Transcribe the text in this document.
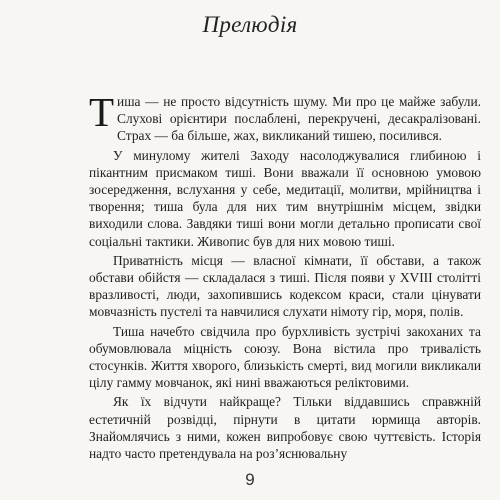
Прелюдія

Тиша — не просто відсутність шуму. Ми про це майже забули. Слухові орієнтири послаблені, перекручені, десакралізовані. Страх — ба більше, жах, викликаний тишею, посилився.

У минулому жителі Заходу насолоджувалися глибиною і пікантним присмаком тиші. Вони вважали її основною умовою зосередження, вслухання у себе, медитації, молитви, мрійництва і творення; тиша була для них тим внутрішнім місцем, звідки виходили слова. Завдяки тиші вони могли детально прописати свої соціальні тактики. Живопис був для них мовою тиші.

Приватність місця — власної кімнати, її обстави, а також обстави обійстя — складалася з тиші. Після появи у XVIII столітті вразливості, люди, захопившись кодексом краси, стали цінувати мовчазність пустелі та навчилися слухати німоту гір, моря, полів.

Тиша начебто свідчила про бурхливість зустрічі закоханих та обумовлювала міцність союзу. Вона вістила про тривалість стосунків. Життя хворого, близькість смерті, вид могили викликали цілу гамму мовчанок, які нині вважаються реліктовими.

Як їх відчути найкраще? Тільки віддавшись справжній естетичній розвідці, пірнути в цитати юрмища авторів. Знайомлячись з ними, кожен випробовує свою чуттєвість. Історія надто часто претендувала на роз’яснювальну

9
